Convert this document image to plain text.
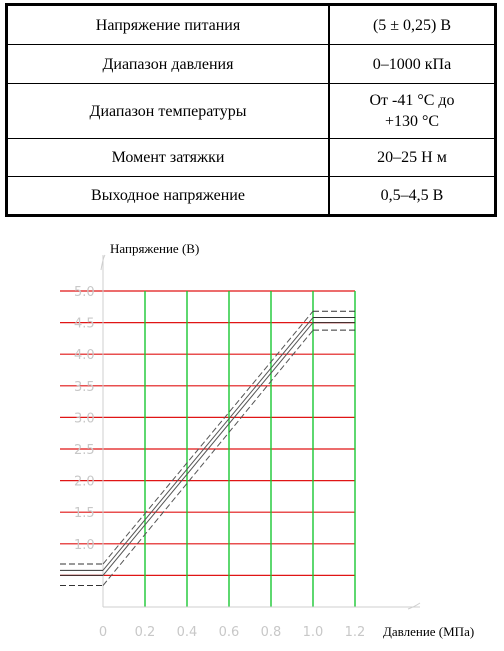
Напряжение питания	(5 ± 0,25) В
Диапазон давления	0–1000 кПа
Диапазон температуры	От -41 °С до +130 °С
Момент затяжки	20–25 Н м
Выходное напряжение	0,5–4,5 В
1.0
1.5
2.0
2.5
3.0
3.5
4.0
4.5
5.0
0 0.2 0.4 0.6 0.8 1.0 1.2
Напряжение (В)
Давление (МПа)
